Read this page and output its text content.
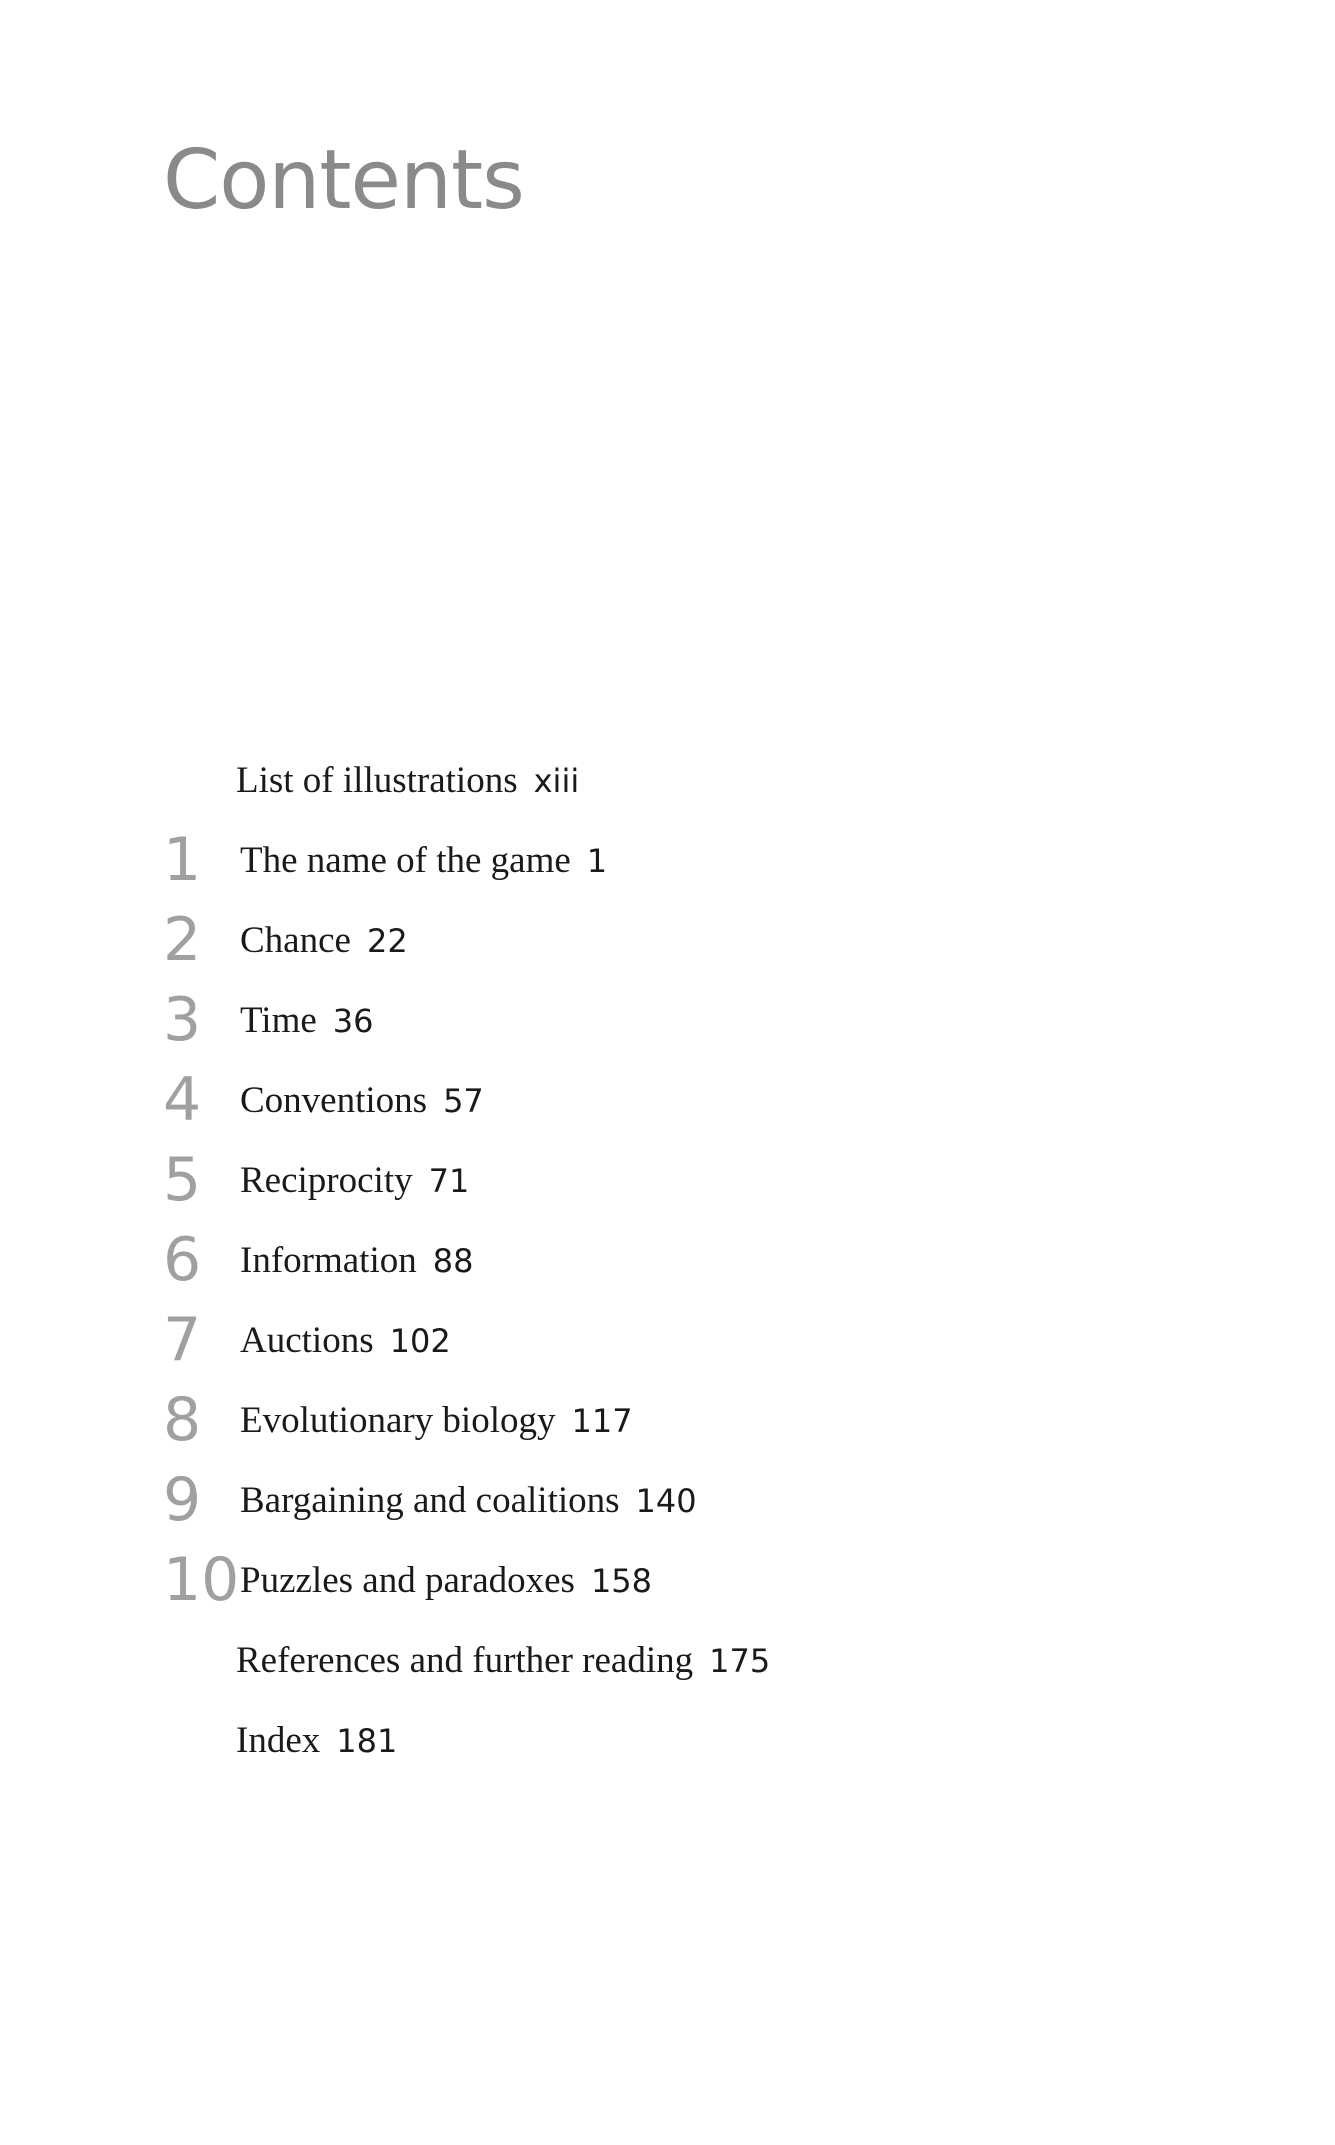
Contents
List of illustrations xiii
1 The name of the game 1
2 Chance 22
3 Time 36
4 Conventions 57
5 Reciprocity 71
6 Information 88
7 Auctions 102
8 Evolutionary biology 117
9 Bargaining and coalitions 140
10 Puzzles and paradoxes 158
References and further reading 175
Index 181
